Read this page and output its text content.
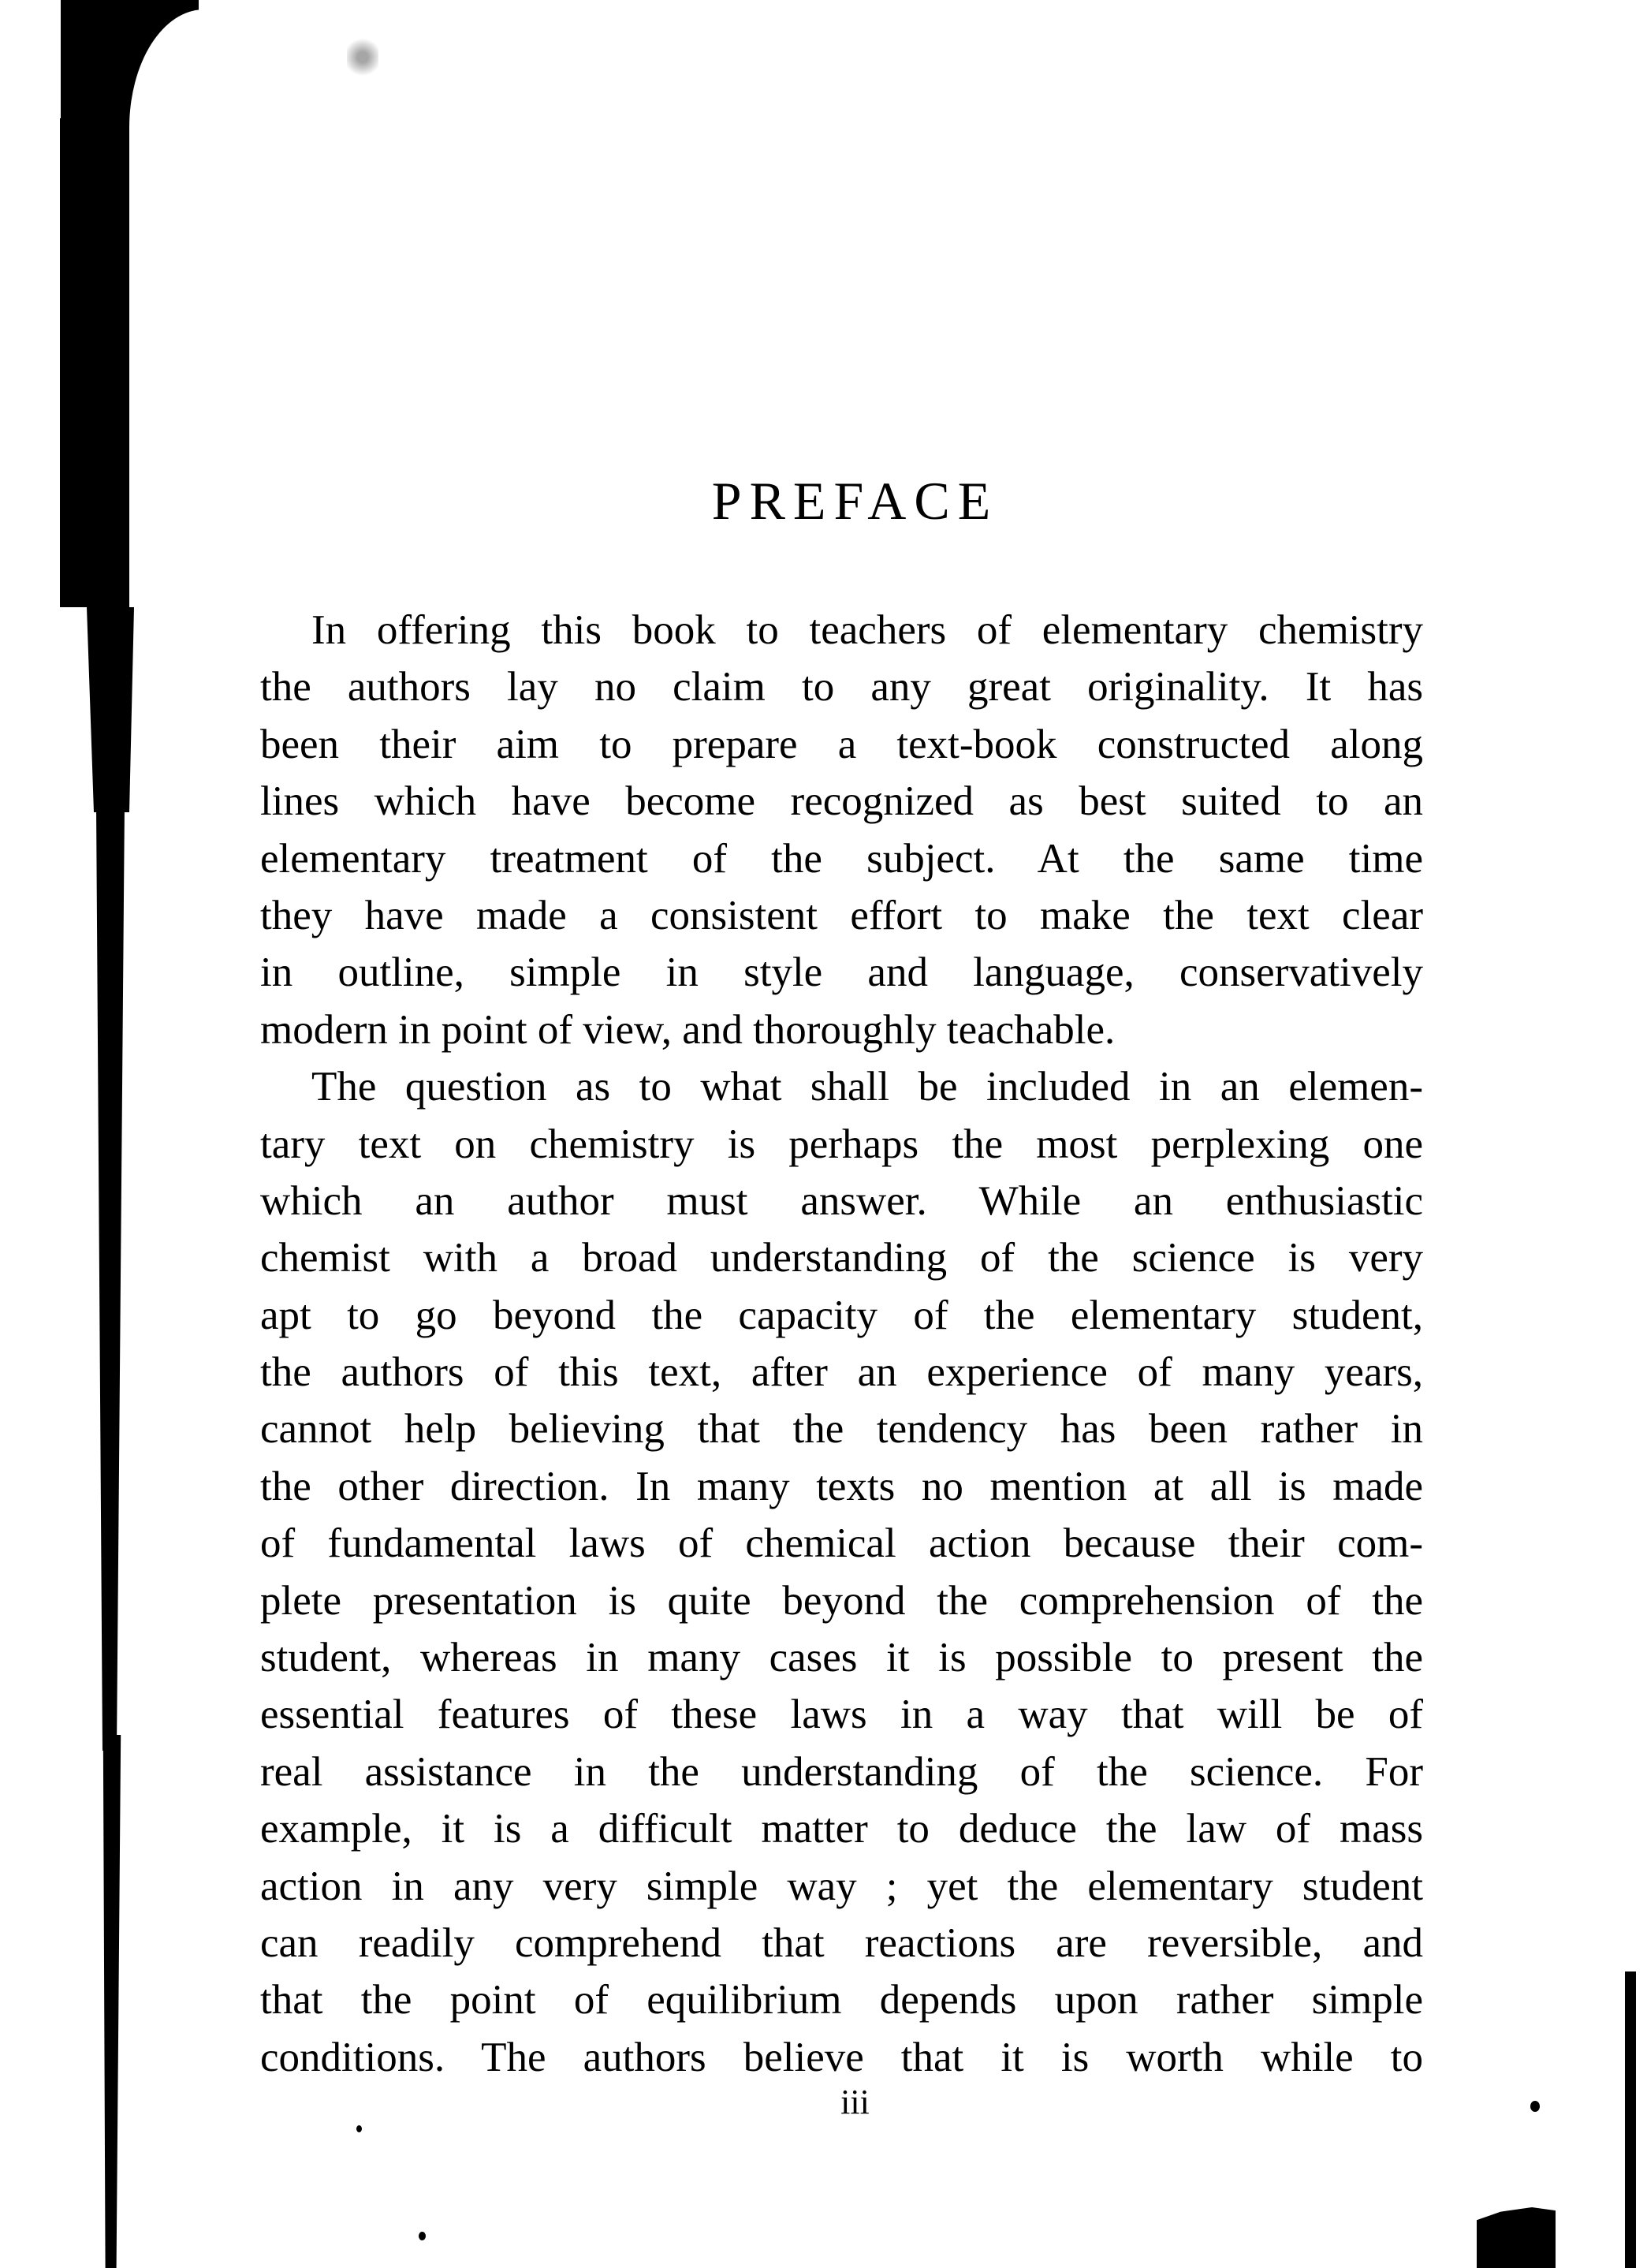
PREFACE
In offering this book to teachers of elementary chemistry
the authors lay no claim to any great originality. It has
been their aim to prepare a text-book constructed along
lines which have become recognized as best suited to an
elementary treatment of the subject. At the same time
they have made a consistent effort to make the text clear
in outline, simple in style and language, conservatively
modern in point of view, and thoroughly teachable.
The question as to what shall be included in an elemen-
tary text on chemistry is perhaps the most perplexing one
which an author must answer. While an enthusiastic
chemist with a broad understanding of the science is very
apt to go beyond the capacity of the elementary student,
the authors of this text, after an experience of many years,
cannot help believing that the tendency has been rather in
the other direction. In many texts no mention at all is made
of fundamental laws of chemical action because their com-
plete presentation is quite beyond the comprehension of the
student, whereas in many cases it is possible to present the
essential features of these laws in a way that will be of
real assistance in the understanding of the science. For
example, it is a difficult matter to deduce the law of mass
action in any very simple way ; yet the elementary student
can readily comprehend that reactions are reversible, and
that the point of equilibrium depends upon rather simple
conditions. The authors believe that it is worth while to
iii
